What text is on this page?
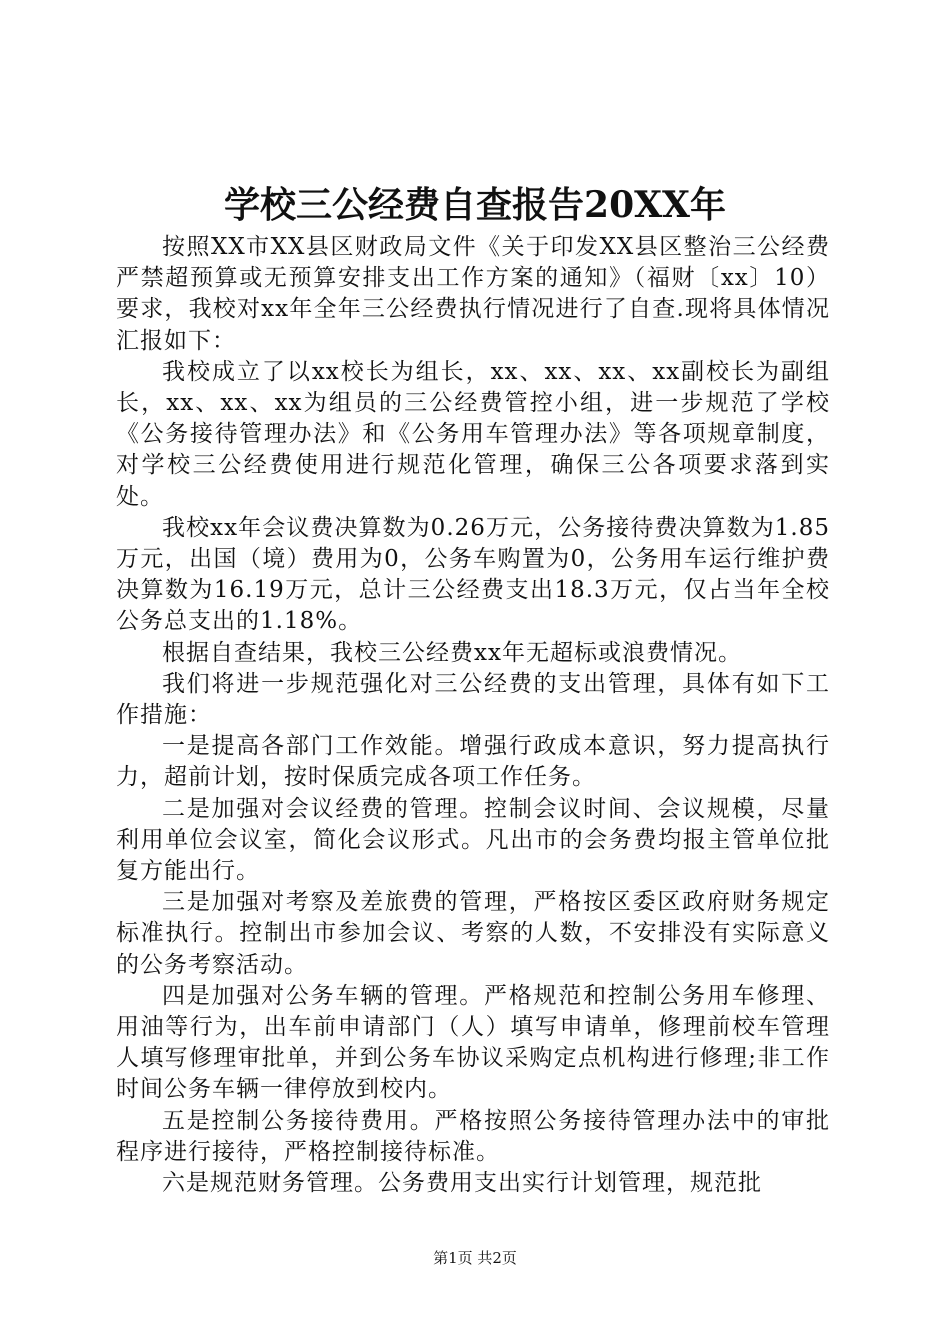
学校三公经费自查报告20XX年

按照XX市XX县区财政局文件《关于印发XX县区整治三公经费严禁超预算或无预算安排支出工作方案的通知》（福财〔xx〕10）要求，我校对xx年全年三公经费执行情况进行了自查.现将具体情况汇报如下：

我校成立了以xx校长为组长，xx、xx、xx、xx副校长为副组长，xx、xx、xx为组员的三公经费管控小组，进一步规范了学校《公务接待管理办法》和《公务用车管理办法》等各项规章制度，对学校三公经费使用进行规范化管理，确保三公各项要求落到实处。

我校xx年会议费决算数为0.26万元，公务接待费决算数为1.85万元，出国（境）费用为0，公务车购置为0，公务用车运行维护费决算数为16.19万元，总计三公经费支出18.3万元，仅占当年全校公务总支出的1.18%。

根据自查结果，我校三公经费xx年无超标或浪费情况。

我们将进一步规范强化对三公经费的支出管理，具体有如下工作措施：

一是提高各部门工作效能。增强行政成本意识，努力提高执行力，超前计划，按时保质完成各项工作任务。

二是加强对会议经费的管理。控制会议时间、会议规模，尽量利用单位会议室，简化会议形式。凡出市的会务费均报主管单位批复方能出行。

三是加强对考察及差旅费的管理，严格按区委区政府财务规定标准执行。控制出市参加会议、考察的人数，不安排没有实际意义的公务考察活动。

四是加强对公务车辆的管理。严格规范和控制公务用车修理、用油等行为，出车前申请部门（人）填写申请单，修理前校车管理人填写修理审批单，并到公务车协议采购定点机构进行修理;非工作时间公务车辆一律停放到校内。

五是控制公务接待费用。严格按照公务接待管理办法中的审批程序进行接待，严格控制接待标准。

六是规范财务管理。公务费用支出实行计划管理，规范批

第1页 共2页
